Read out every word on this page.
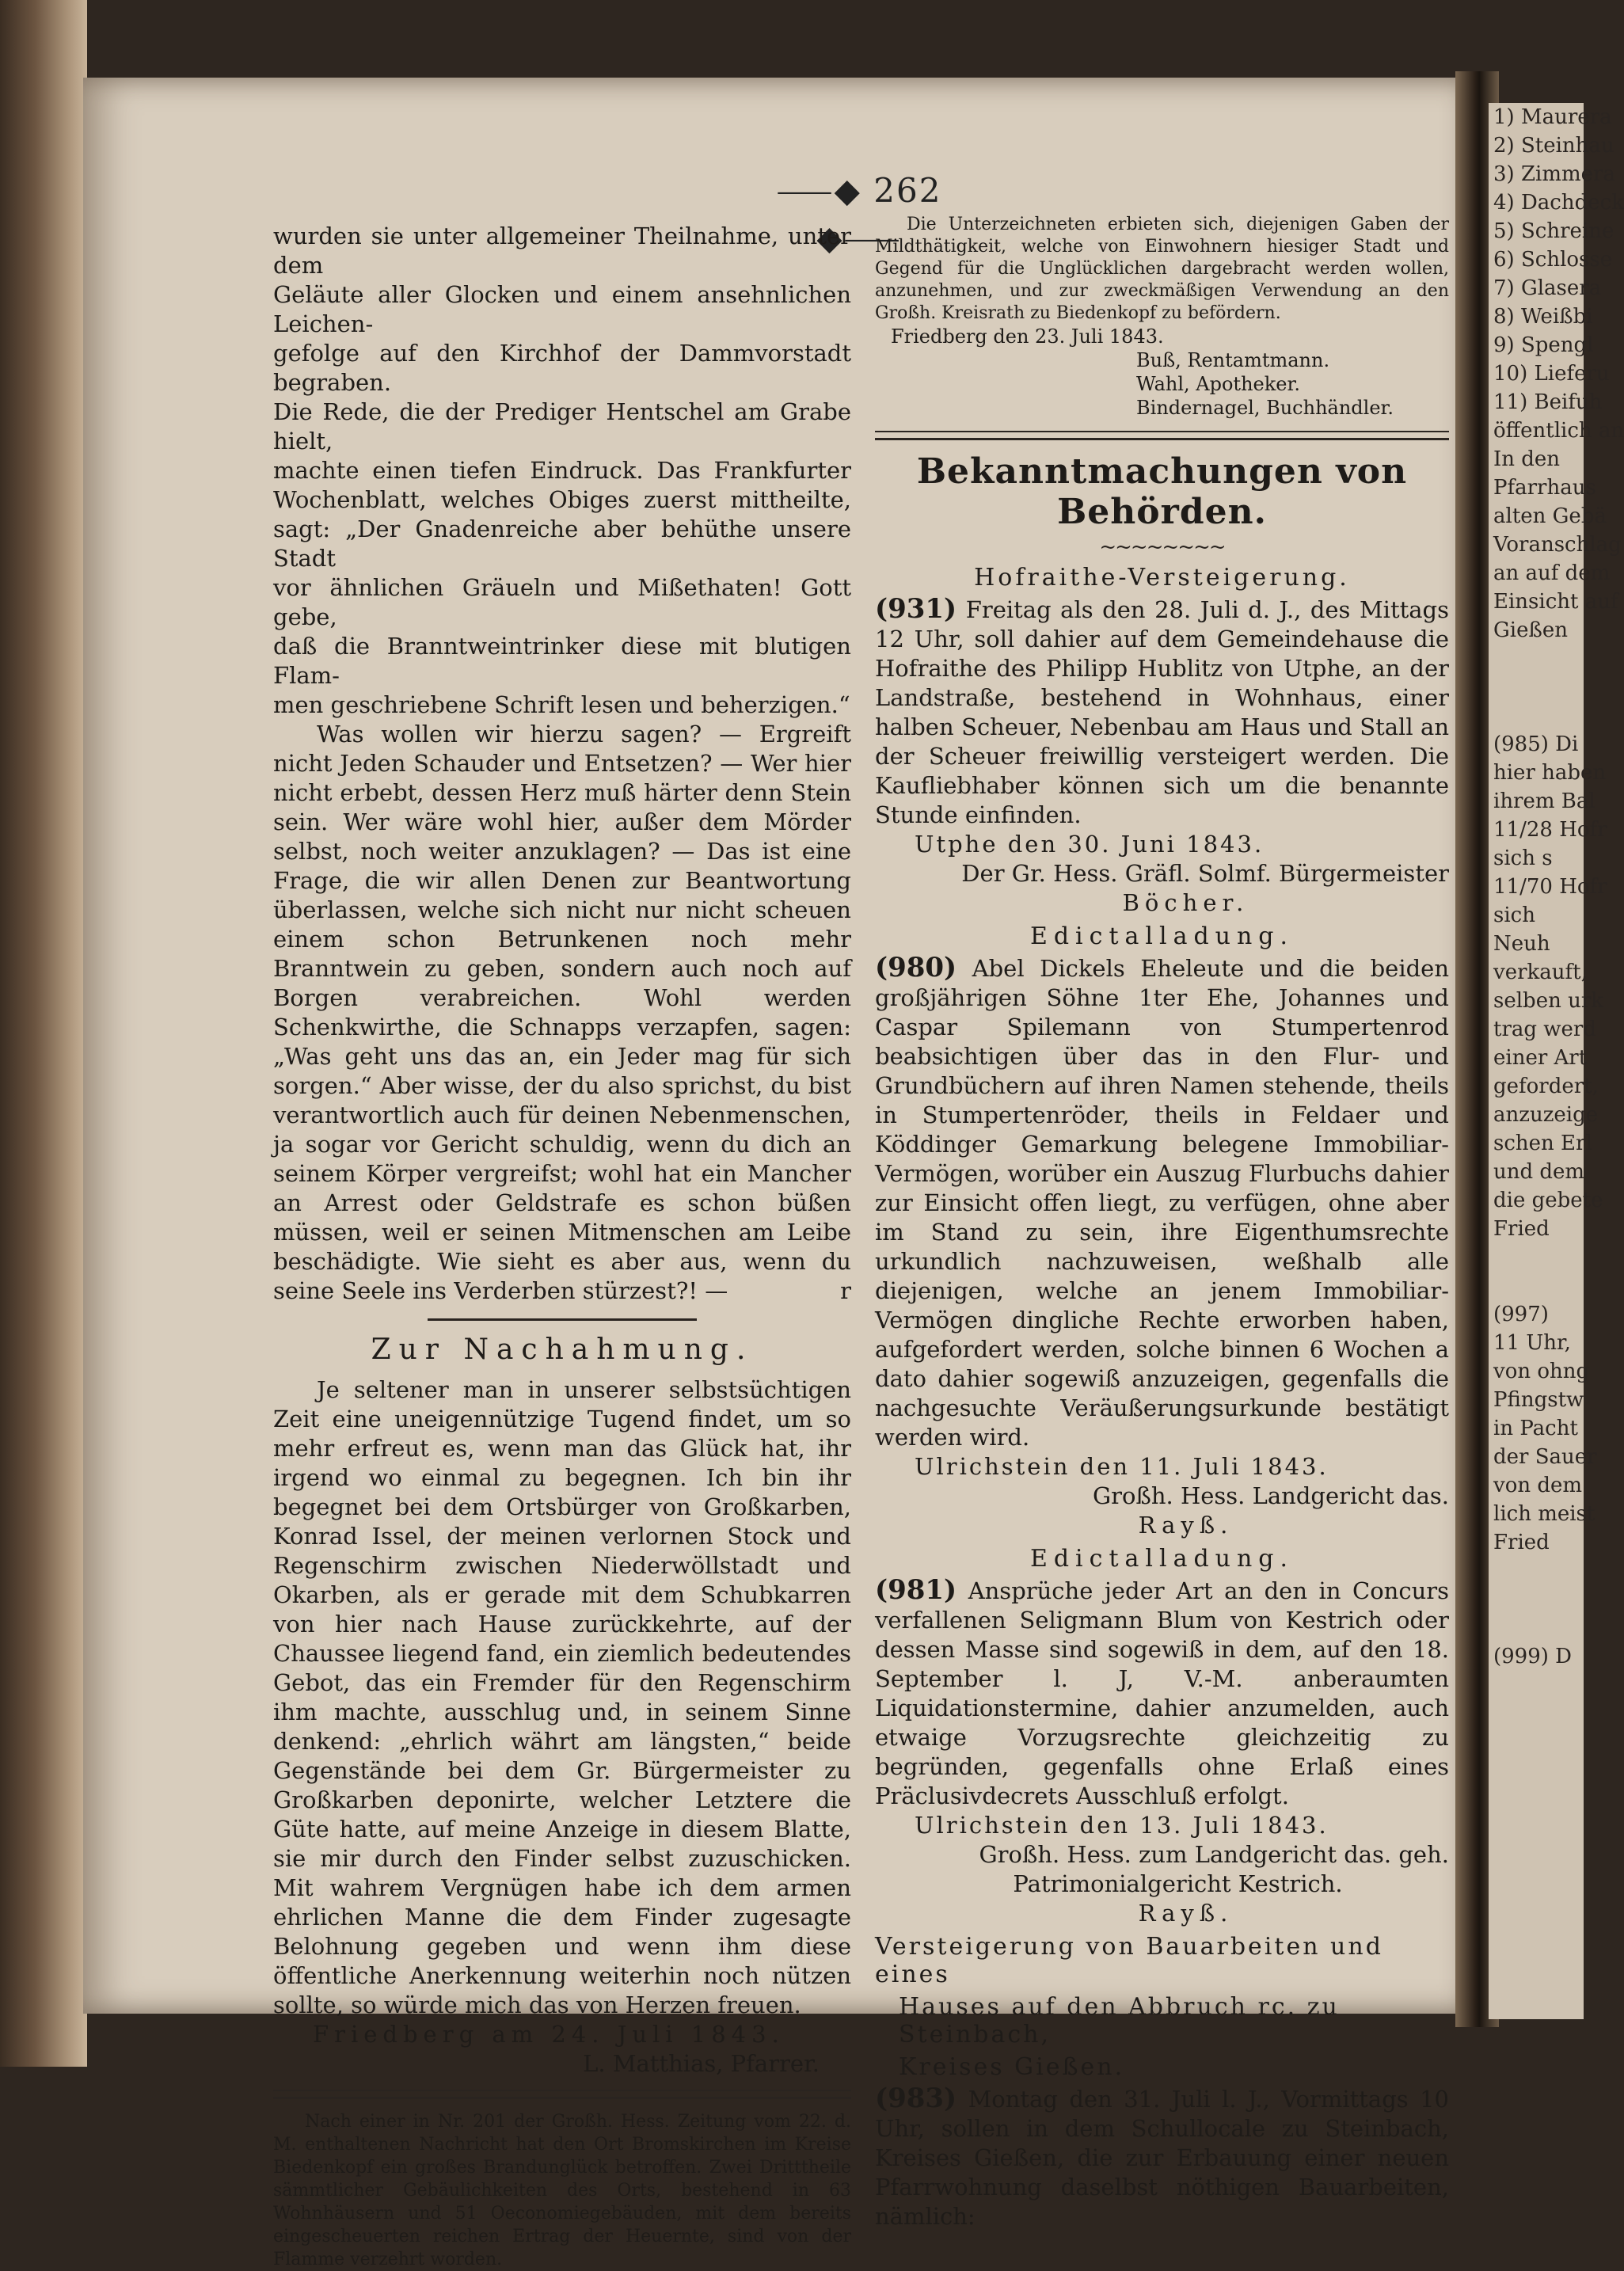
1) Maurera
2) Steinhau
3) Zimmera
4) Dachdeck
5) Schreine
6) Schlosse
7) Glasera
8) Weißbi
9) Spengl
10) Lieferu
11) Beifuh
öffentlich an
In den
Pfarrhaus
alten Gebä
Voranschlag
an auf dem
Einsicht auf
Gießen

(985) Di
hier haben
ihrem Bal
11/28 Hofr
sich s
11/70 Hofr
sich
Neuh
verkauft,
selben urk
trag werd
einer Art
gefordert,
anzuzeige
schen Erl
und dem
die gebete
Fried

(997)
11 Uhr,
von ohng
Pfingstw
in Pacht
der Sauer
von dem
lich meist
Fried

(999) D
⸺◆ 262 ◆⸺
wurden sie unter allgemeiner Theilnahme, unter dem
Geläute aller Glocken und einem ansehnlichen Leichen-
gefolge auf den Kirchhof der Dammvorstadt begraben.
Die Rede, die der Prediger Hentschel am Grabe hielt,
machte einen tiefen Eindruck. Das Frankfurter
Wochenblatt, welches Obiges zuerst mittheilte,
sagt: „Der Gnadenreiche aber behüthe unsere Stadt
vor ähnlichen Gräueln und Mißethaten! Gott gebe,
daß die Branntweintrinker diese mit blutigen Flam-
men geschriebene Schrift lesen und beherzigen.“

Was wollen wir hierzu sagen? — Ergreift nicht Jeden Schauder und Entsetzen? — Wer hier nicht erbebt, dessen Herz muß härter denn Stein sein. Wer wäre wohl hier, außer dem Mörder selbst, noch weiter anzuklagen? — Das ist eine Frage, die wir allen Denen zur Beantwortung überlassen, welche sich nicht nur nicht scheuen einem schon Betrunkenen noch mehr Branntwein zu geben, sondern auch noch auf Borgen verabreichen. Wohl werden Schenkwirthe, die Schnapps verzapfen, sagen: „Was geht uns das an, ein Jeder mag für sich sorgen.“ Aber wisse, der du also sprichst, du bist verantwortlich auch für deinen Nebenmenschen, ja sogar vor Gericht schuldig, wenn du dich an seinem Körper vergreifst; wohl hat ein Mancher an Arrest oder Geldstrafe es schon büßen müssen, weil er seinen Mitmenschen am Leibe beschädigte. Wie sieht es aber aus, wenn du seine Seele ins Verderben stürzest?! —	r

Zur Nachahmung.

Je seltener man in unserer selbstsüchtigen Zeit eine uneigennützige Tugend findet, um so mehr erfreut es, wenn man das Glück hat, ihr irgend wo einmal zu begegnen. Ich bin ihr begegnet bei dem Ortsbürger von Großkarben, Konrad Issel, der meinen verlornen Stock und Regenschirm zwischen Niederwöllstadt und Okarben, als er gerade mit dem Schubkarren von hier nach Hause zurückkehrte, auf der Chaussee liegend fand, ein ziemlich bedeutendes Gebot, das ein Fremder für den Regenschirm ihm machte, ausschlug und, in seinem Sinne denkend: „ehrlich währt am längsten,“ beide Gegenstände bei dem Gr. Bürgermeister zu Großkarben deponirte, welcher Letztere die Güte hatte, auf meine Anzeige in diesem Blatte, sie mir durch den Finder selbst zuzuschicken. Mit wahrem Vergnügen habe ich dem armen ehrlichen Manne die dem Finder zugesagte Belohnung gegeben und wenn ihm diese öffentliche Anerkennung weiterhin noch nützen sollte, so würde mich das von Herzen freuen.

Friedberg am 24. Juli 1843.

L. Matthias, Pfarrer.

Nach einer in Nr. 201 der Großh. Hess. Zeitung vom 22. d. M. enthaltenen Nachricht hat den Ort Bromskirchen im Kreise Biedenkopf ein großes Brandunglück betroffen. Zwei Dritttheile sämmtlicher Gebäulichkeiten des Orts, bestehend in 63 Wohnhäusern und 51 Oeconomiegebäuden, mit dem bereits eingescheuerten reichen Ertrag der Heuernte, sind von der Flamme verzehrt worden.

Die Unterzeichneten erbieten sich, diejenigen Gaben der Mildthätigkeit, welche von Einwohnern hiesiger Stadt und Gegend für die Unglücklichen dargebracht werden wollen, anzunehmen, und zur zweckmäßigen Verwendung an den Großh. Kreisrath zu Biedenkopf zu befördern.

Friedberg den 23. Juli 1843.

Buß, Rentamtmann.

Wahl, Apotheker.

Bindernagel, Buchhändler.

Bekanntmachungen von Behörden.
~~~~~~~~
Hofraithe-Versteigerung.

(931) Freitag als den 28. Juli d. J., des Mittags 12 Uhr, soll dahier auf dem Gemeindehause die Hofraithe des Philipp Hublitz von Utphe, an der Landstraße, bestehend in Wohnhaus, einer halben Scheuer, Nebenbau am Haus und Stall an der Scheuer freiwillig versteigert werden. Die Kaufliebhaber können sich um die benannte Stunde einfinden.

Utphe den 30. Juni 1843.

Der Gr. Hess. Gräfl. Solmf. Bürgermeister

Böcher.

Edictalladung.

(980) Abel Dickels Eheleute und die beiden großjährigen Söhne 1ter Ehe, Johannes und Caspar Spilemann von Stumpertenrod beabsichtigen über das in den Flur- und Grundbüchern auf ihren Namen stehende, theils in Stumpertenröder, theils in Feldaer und Köddinger Gemarkung belegene Immobiliar-Vermögen, worüber ein Auszug Flurbuchs dahier zur Einsicht offen liegt, zu verfügen, ohne aber im Stand zu sein, ihre Eigenthumsrechte urkundlich nachzuweisen, weßhalb alle diejenigen, welche an jenem Immobiliar-Vermögen dingliche Rechte erworben haben, aufgefordert werden, solche binnen 6 Wochen a dato dahier sogewiß anzuzeigen, gegenfalls die nachgesuchte Veräußerungsurkunde bestätigt werden wird.

Ulrichstein den 11. Juli 1843.

Großh. Hess. Landgericht das.

Rayß.

Edictalladung.

(981) Ansprüche jeder Art an den in Concurs verfallenen Seligmann Blum von Kestrich oder dessen Masse sind sogewiß in dem, auf den 18. September l. J, V.-M. anberaumten Liquidationstermine, dahier anzumelden, auch etwaige Vorzugsrechte gleichzeitig zu begründen, gegenfalls ohne Erlaß eines Präclusivdecrets Ausschluß erfolgt.

Ulrichstein den 13. Juli 1843.

Großh. Hess. zum Landgericht das. geh.

Patrimonialgericht Kestrich.

Rayß.

Versteigerung von Bauarbeiten und eines
Hauses auf den Abbruch rc. zu Steinbach,
Kreises Gießen.

(983) Montag den 31. Juli l. J., Vormittags 10 Uhr, sollen in dem Schullocale zu Steinbach, Kreises Gießen, die zur Erbauung einer neuen Pfarrwohnung daselbst nöthigen Bauarbeiten, nämlich:
